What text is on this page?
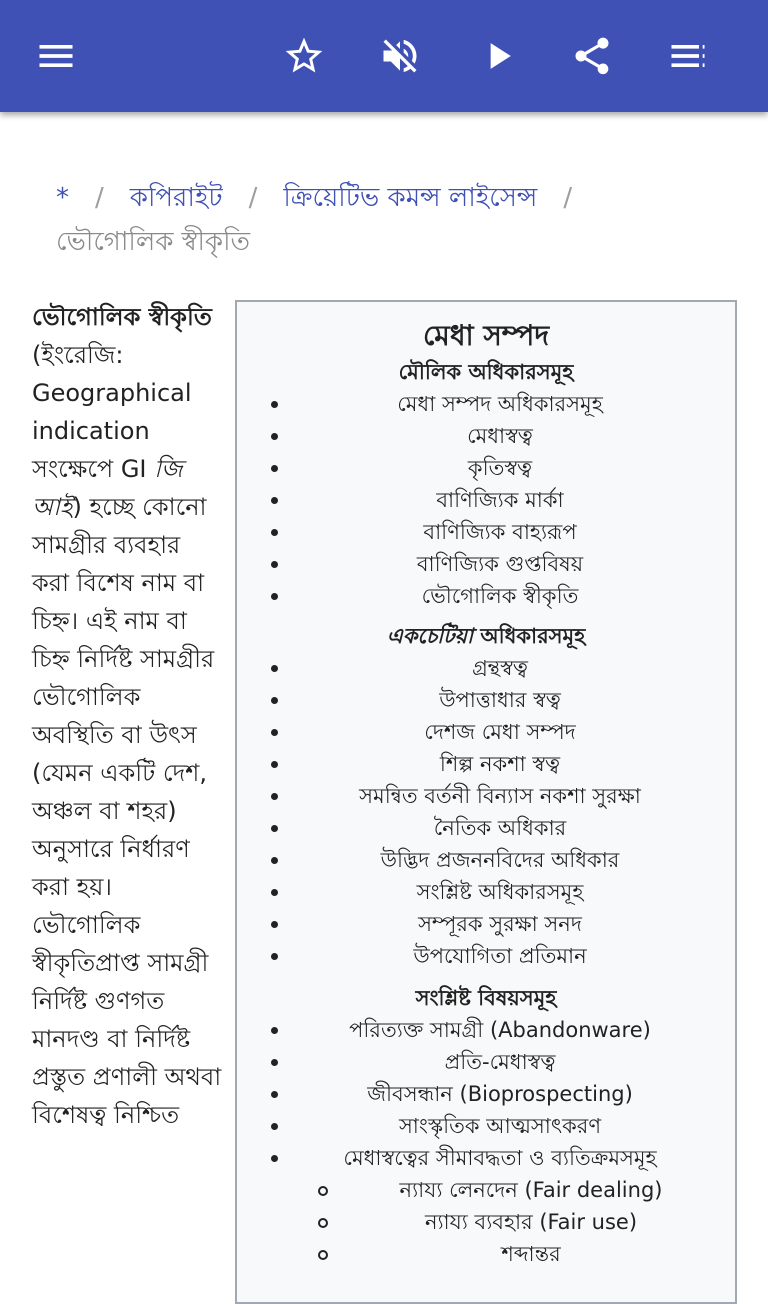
* / কপিরাইট / ক্রিয়েটিভ কমন্স লাইসেন্স /
ভৌগোলিক স্বীকৃতি
ভৌগোলিক স্বীকৃতি (ইংরেজি: Geographical indication সংক্ষেপে GI জি আই) হচ্ছে কোনো সামগ্রীর ব্যবহার করা বিশেষ নাম বা চিহ্ন। এই নাম বা চিহ্ন নির্দিষ্ট সামগ্রীর ভৌগোলিক অবস্থিতি বা উৎস (যেমন একটি দেশ, অঞ্চল বা শহর) অনুসারে নির্ধারণ করা হয়। ভৌগোলিক স্বীকৃতিপ্রাপ্ত সামগ্রী নির্দিষ্ট গুণগত মানদণ্ড বা নির্দিষ্ট প্রস্তুত প্রণালী অথবা বিশেষত্ব নিশ্চিত
মেধা সম্পদ
মৌলিক অধিকারসমূহ
মেধা সম্পদ অধিকারসমূহ
মেধাস্বত্ব
কৃতিস্বত্ব
বাণিজ্যিক মার্কা
বাণিজ্যিক বাহ্যরূপ
বাণিজ্যিক গুপ্তবিষয়
ভৌগোলিক স্বীকৃতি
একচেটিয়া অধিকারসমূহ
গ্রন্থস্বত্ব
উপাত্তাধার স্বত্ব
দেশজ মেধা সম্পদ
শিল্প নকশা স্বত্ব
সমন্বিত বর্তনী বিন্যাস নকশা সুরক্ষা
নৈতিক অধিকার
উদ্ভিদ প্রজননবিদের অধিকার
সংশ্লিষ্ট অধিকারসমূহ
সম্পূরক সুরক্ষা সনদ
উপযোগিতা প্রতিমান
সংশ্লিষ্ট বিষয়সমূহ
পরিত্যক্ত সামগ্রী (Abandonware)
প্রতি-মেধাস্বত্ব
জীবসন্ধান (Bioprospecting)
সাংস্কৃতিক আত্মসাৎকরণ
মেধাস্বত্বের সীমাবদ্ধতা ও ব্যতিক্রমসমূহ
ন্যায্য লেনদেন (Fair dealing)
ন্যায্য ব্যবহার (Fair use)
শব্দান্তর
